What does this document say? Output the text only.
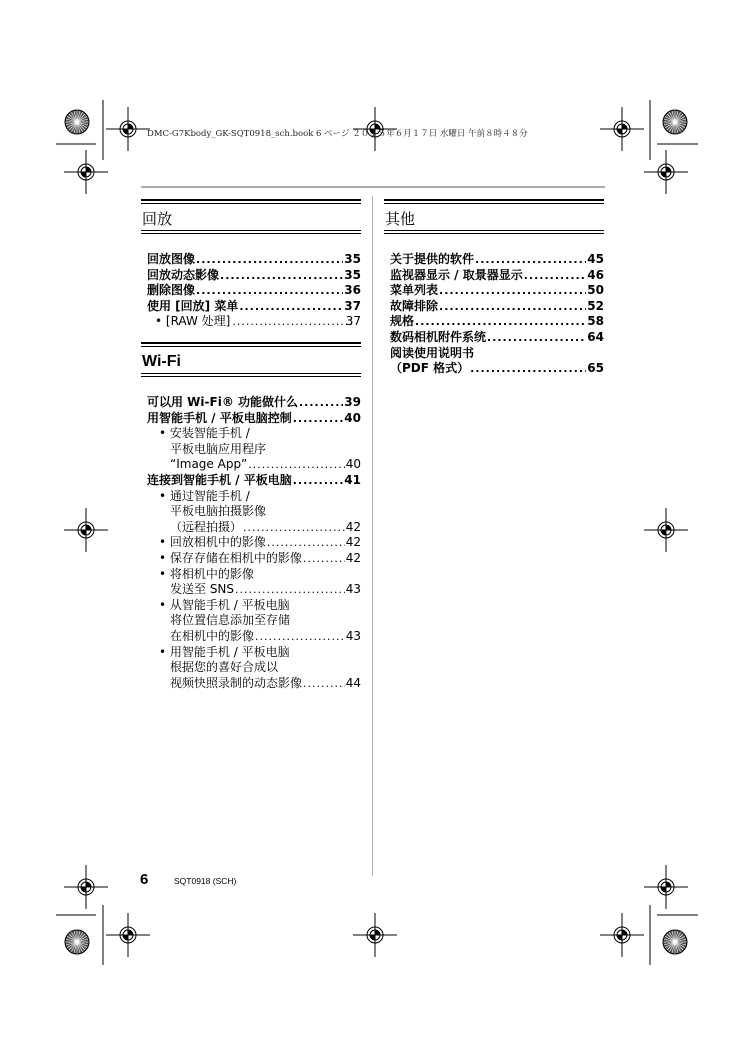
DMC-G7Kbody_GK-SQT0918_sch.book 6 ページ ２０１５年６月１７日 水曜日 午前８時４８分
回放
回放图像 .....	35
回放动态影像 .....	35
删除图像 .....	36
使用 [回放] 菜单 .....	37
• [RAW 处理] .....	37
Wi-Fi
可以用 Wi-Fi® 功能做什么 .....	39
用智能手机 / 平板电脑控制 .....	40
• 安装智能手机 /
平板电脑应用程序
“Image App” .....	40
连接到智能手机 / 平板电脑 .....	41
• 通过智能手机 /
平板电脑拍摄影像
（远程拍摄） .....	42
• 回放相机中的影像 .....	42
• 保存存储在相机中的影像 .....	42
• 将相机中的影像
发送至 SNS .....	43
• 从智能手机 / 平板电脑
将位置信息添加至存储
在相机中的影像 .....	43
• 用智能手机 / 平板电脑
根据您的喜好合成以
视频快照录制的动态影像 .....	44
其他
关于提供的软件 .....	45
监视器显示 / 取景器显示 .....	46
菜单列表 .....	50
故障排除 .....	52
规格 .....	58
数码相机附件系统 .....	64
阅读使用说明书
（PDF 格式） .....	65
6	SQT0918 (SCH)
